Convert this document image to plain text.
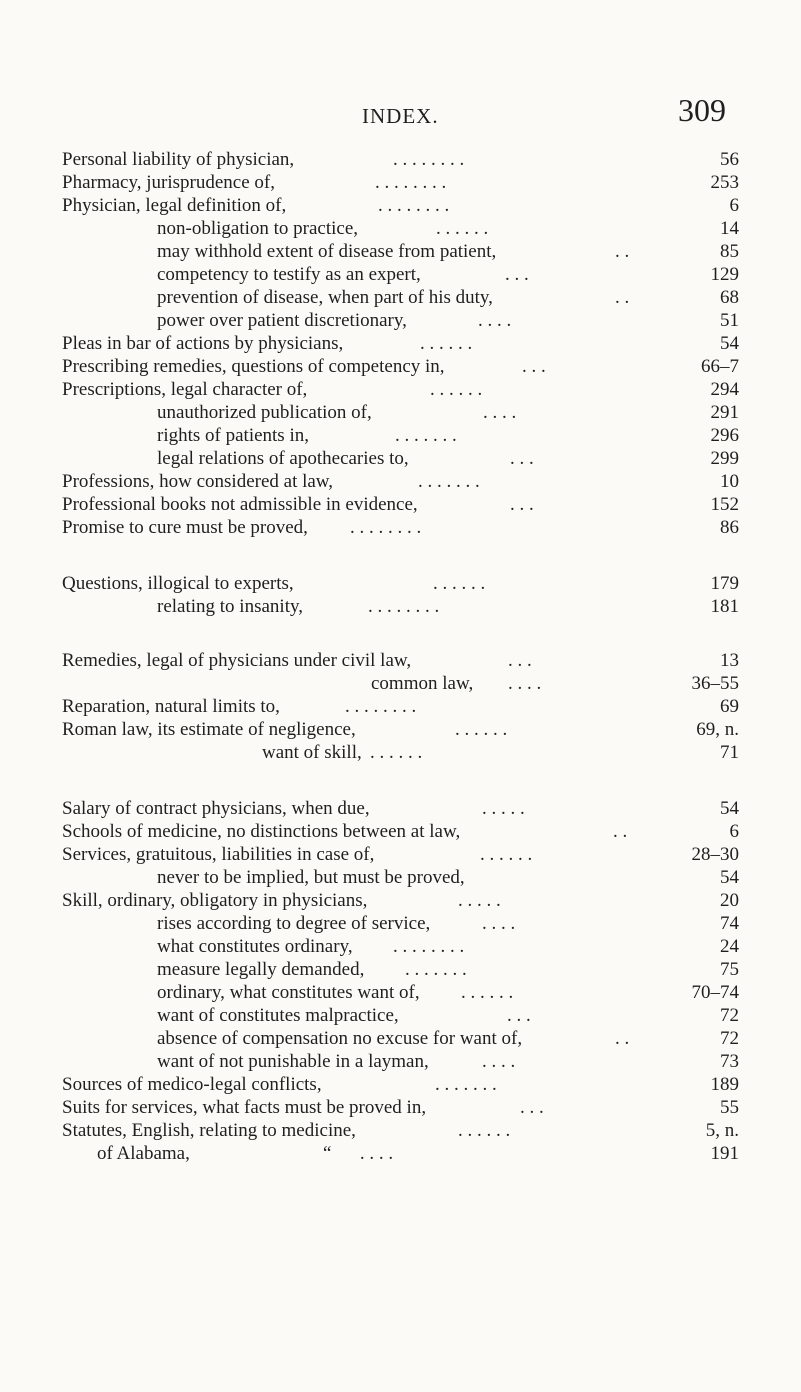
INDEX.	309
Personal liability of physician,	. . . . . . . .	56
Pharmacy, jurisprudence of,	. . . . . . . .	253
Physician, legal definition of,	. . . . . . . .	6
non-obligation to practice,	. . . . . .	14
may withhold extent of disease from patient,	. .	85
competency to testify as an expert,	. . .	129
prevention of disease, when part of his duty,	. .	68
power over patient discretionary,	. . . .	51
Pleas in bar of actions by physicians,	. . . . . .	54
Prescribing remedies, questions of competency in,	. . .	66–7
Prescriptions, legal character of,	. . . . . .	294
unauthorized publication of,	. . . .	291
rights of patients in,	. . . . . . .	296
legal relations of apothecaries to,	. . .	299
Professions, how considered at law,	. . . . . . .	10
Professional books not admissible in evidence,	. . .	152
Promise to cure must be proved, . . . . . . . .	86
Questions, illogical to experts,	. . . . . .	179
relating to insanity,	. . . . . . . .	181
Remedies, legal of physicians under civil law,	. . .	13
common law, . . . .	36–55
Reparation, natural limits to,	. . . . . . . .	69
Roman law, its estimate of negligence,	. . . . . .	69, n.
want of skill, . . . . . .	71
Salary of contract physicians, when due,	. . . . .	54
Schools of medicine, no distinctions between at law,	. .	6
Services, gratuitous, liabilities in case of,	. . . . . .	28–30
never to be implied, but must be proved,	54
Skill, ordinary, obligatory in physicians,	. . . . .	20
rises according to degree of service,	. . . .	74
what constitutes ordinary, . . . . . . . .	24
measure legally demanded, . . . . . . .	75
ordinary, what constitutes want of, . . . . . .	70–74
want of constitutes malpractice,	. . .	72
absence of compensation no excuse for want of,	. .	72
want of not punishable in a layman,	. . . .	73
Sources of medico-legal conflicts,	. . . . . . .	189
Suits for services, what facts must be proved in,	. . .	55
Statutes, English, relating to medicine,	. . . . . .	5, n.
of Alabama,	“      . . . .	191
